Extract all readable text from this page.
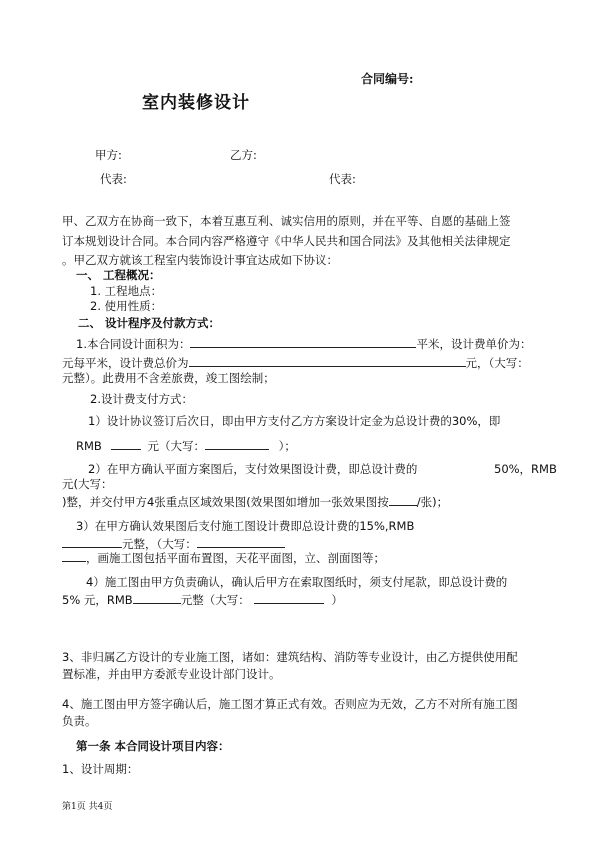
合同编号:
室内装修设计
甲方:	乙方:
代表:	代表:
甲、乙双方在协商一致下，本着互惠互利、诚实信用的原则，并在平等、自愿的基础上签
订本规划设计合同。本合同内容严格遵守《中华人民共和国合同法》及其他相关法律规定
。甲乙双方就该工程室内装饰设计事宜达成如下协议：
一、 工程概况：
1. 工程地点：
2. 使用性质：
二、 设计程序及付款方式：
1.本合同设计面积为：	平米，设计费单价为：
元每平米，设计费总价为	元，（大写：
元整）。此费用不含差旅费，竣工图绘制；
2.设计费支付方式：
1）设计协议签订后次日，即由甲方支付乙方方案设计定金为总设计费的30%，即
RMB	元（大写：	）；
2）在甲方确认平面方案图后，支付效果图设计费，即总设计费的	50%，RMB
元(大写：
)整，并交付甲方4张重点区域效果图(效果图如增加一张效果图按 /张)；
3）在甲方确认效果图后支付施工图设计费即总设计费的15%,RMB
元整，（大写：
，画施工图包括平面布置图，天花平面图，立、剖面图等；
4）施工图由甲方负责确认，确认后甲方在索取图纸时，须支付尾款，即总设计费的
5% 元，RMB	元整（大写：	）
3、非归属乙方设计的专业施工图，诸如：建筑结构、消防等专业设计，由乙方提供使用配
置标准，并由甲方委派专业设计部门设计。
4、施工图由甲方签字确认后，施工图才算正式有效。否则应为无效，乙方不对所有施工图
负责。
第一条 本合同设计项目内容：
1、设计周期：
第1页 共4页
